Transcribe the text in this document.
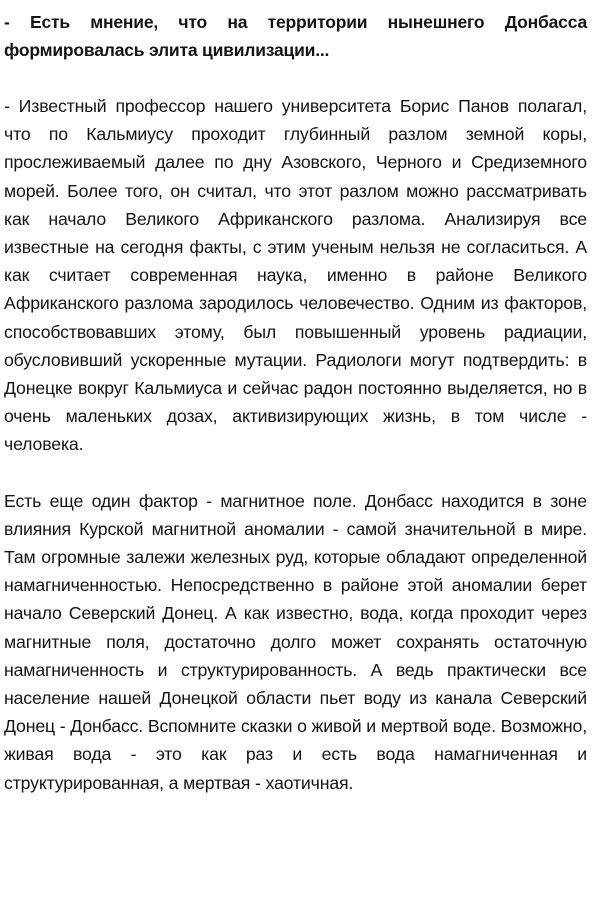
- Есть мнение, что на территории нынешнего Донбасса формировалась элита цивилизации...

- Известный профессор нашего университета Борис Панов полагал, что по Кальмиусу проходит глубинный разлом земной коры, прослеживаемый далее по дну Азовского, Черного и Средиземного морей. Более того, он считал, что этот разлом можно рассматривать как начало Великого Африканского разлома. Анализируя все известные на сегодня факты, с этим ученым нельзя не согласиться. А как считает современная наука, именно в районе Великого Африканского разлома зародилось человечество. Одним из факторов, способствовавших этому, был повышенный уровень радиации, обусловивший ускоренные мутации. Радиологи могут подтвердить: в Донецке вокруг Кальмиуса и сейчас радон постоянно выделяется, но в очень маленьких дозах, активизирующих жизнь, в том числе - человека.

Есть еще один фактор - магнитное поле. Донбасс находится в зоне влияния Курской магнитной аномалии - самой значительной в мире. Там огромные залежи железных руд, которые обладают определенной намагниченностью. Непосредственно в районе этой аномалии берет начало Северский Донец. А как известно, вода, когда проходит через магнитные поля, достаточно долго может сохранять остаточную намагниченность и структурированность. А ведь практически все население нашей Донецкой области пьет воду из канала Северский Донец - Донбасс. Вспомните сказки о живой и мертвой воде. Возможно, живая вода - это как раз и есть вода намагниченная и структурированная, а мертвая - хаотичная.
